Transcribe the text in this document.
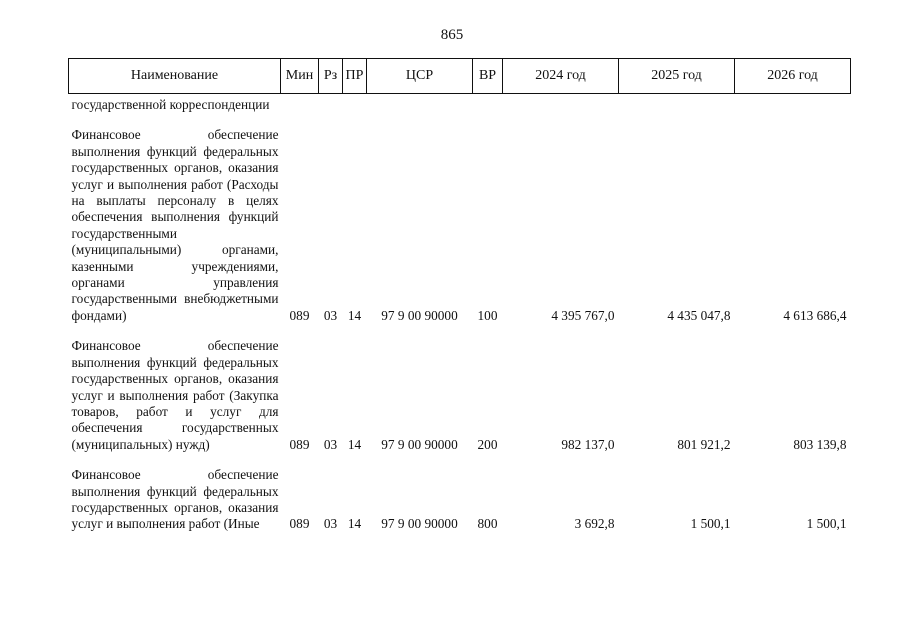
865
Наименование	Мин	Рз	ПР	ЦСР	ВР	2024 год	2025 год	2026 год
государственной корреспонденции								
Финансовое обеспечение выполнения функций федеральных государственных органов, оказания услуг и выполнения работ (Расходы на выплаты персоналу в целях обеспечения выполнения функций государственными (муниципальными) органами, казенными учреждениями, органами управления государственными внебюджетными фондами)	089	03	14	97 9 00 90000	100	4 395 767,0	4 435 047,8	4 613 686,4
Финансовое обеспечение выполнения функций федеральных государственных органов, оказания услуг и выполнения работ (Закупка товаров, работ и услуг для обеспечения государственных (муниципальных) нужд)	089	03	14	97 9 00 90000	200	982 137,0	801 921,2	803 139,8
Финансовое обеспечение выполнения функций федеральных государственных органов, оказания услуг и выполнения работ (Иные	089	03	14	97 9 00 90000	800	3 692,8	1 500,1	1 500,1
